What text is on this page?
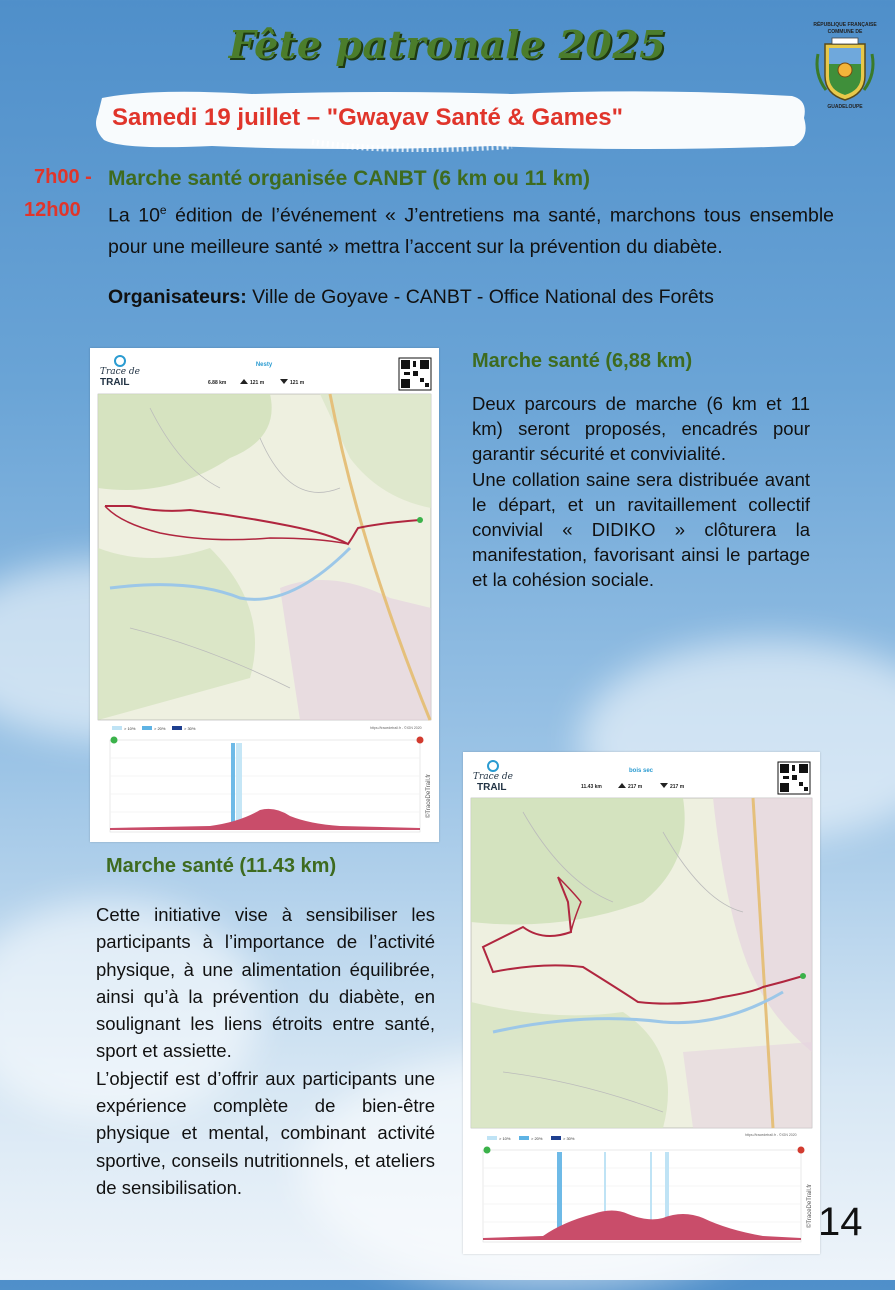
Fête patronale 2025	RÉPUBLIQUE FRANÇAISE
COMMUNE DE
GUADELOUPE
Samedi 19 juillet – "Gwayav Santé & Games"
7h00 -
12h00
Marche santé organisée CANBT (6 km ou 11 km)
La 10e édition de l’événement « J’entretiens ma santé, marchons tous ensemble pour une meilleure santé » mettra l’accent sur la prévention du diabète.
Organisateurs: Ville de Goyave - CANBT - Office National des Forêts
Trace de
TRAIL
Nesty
6.88 km	121 m	121 m
https://tracedetrail.fr - ©IGN 2020
> 10%	> 20%	> 30%
©TraceDeTrail.fr
Marche santé (6,88 km)

Deux parcours de marche (6 km et 11 km) seront proposés, encadrés pour garantir sécurité et convivialité.

Une collation saine sera distribuée avant le départ, et un ravitaillement collectif convivial « DIDIKO » clôturera la manifestation, favorisant ainsi le partage et la cohésion sociale.

Trace de
TRAIL
bois sec
11.43 km	217 m	217 m
https://tracedetrail.fr - ©IGN 2020
> 10%	> 20%	> 30%
©TraceDeTrail.fr
Marche santé (11.43 km)

Cette initiative vise à sensibiliser les participants à l’importance de l’activité physique, à une alimentation équilibrée, ainsi qu’à la prévention du diabète, en soulignant les liens étroits entre santé, sport et assiette.

L’objectif est d’offrir aux participants une expérience complète de bien-être physique et mental, combinant activité sportive, conseils nutritionnels, et ateliers de sensibilisation.

14
